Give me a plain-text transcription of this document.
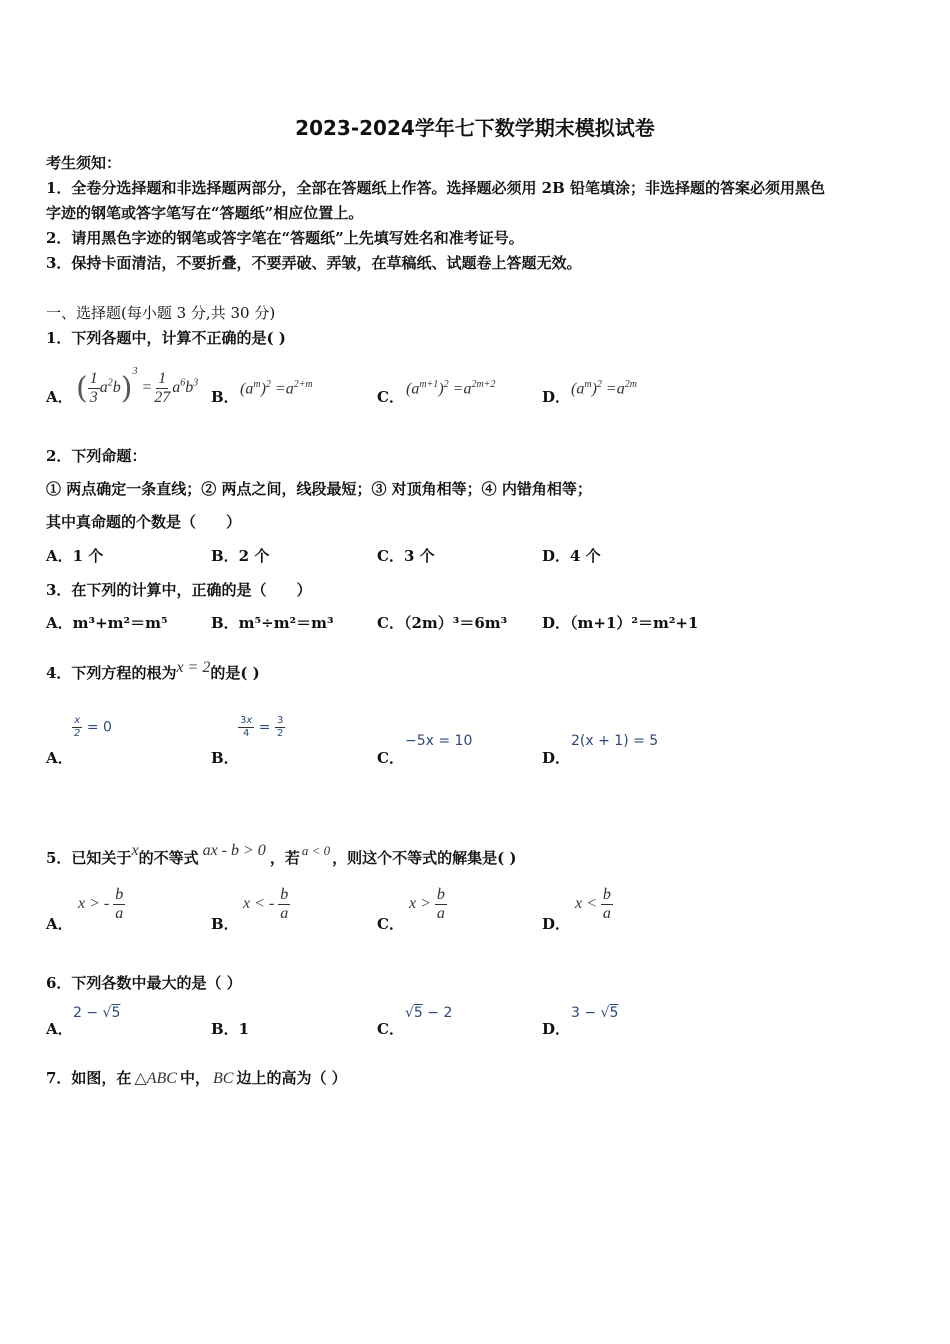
2023-2024学年七下数学期末模拟试卷
考生须知：
1．全卷分选择题和非选择题两部分，全部在答题纸上作答。选择题必须用 2B 铅笔填涂；非选择题的答案必须用黑色
字迹的钢笔或答字笔写在“答题纸”相应位置上。
2．请用黑色字迹的钢笔或答字笔在“答题纸”上先填写姓名和准考证号。
3．保持卡面清洁，不要折叠，不要弄破、弄皱，在草稿纸、试题卷上答题无效。
一、选择题(每小题 3 分,共 30 分)
1．下列各题中，计算不正确的是( )
A． ( $\frac{1}{3} a^2b)^3 = \frac{1}{27} a^6b^3$
B． $(a^m)^2 =a^{2+m}$
C． $(a^{m+1})^2 =a^{2m+2}$
D． $(a^m)^2 =a^{2m}$
2．下列命题：
① 两点确定一条直线；② 两点之间，线段最短；③ 对顶角相等；④ 内错角相等；
其中真命题的个数是（　　）
A．1 个	B．2 个	C．3 个	D．4 个
3．在下列的计算中，正确的是（　　）
A．m³+m²＝m⁵	B．m⁵÷m²＝m³	C．（2m）³＝6m³ D．（m+1）²＝m²+1
4．下列方程的根为x = 2的是( )
A．
$\frac{x}{2} = 0$
B．
$\frac{3x}{4} = \frac{3}{2}$
C．
−5x = 10
D．
2(x + 1) = 5
5．已知关于x的不等式 ax - b > 0 ，若 a < 0 ，则这个不等式的解集是( )
A．
x > - $\frac{b}{a}$
B．
x < - $\frac{b}{a}$
C．
$x > \frac{b}{a}$
D．
$x < \frac{b}{a}$
6．下列各数中最大的是（ ）
A．
2 − √5
B．1	C．
√5 − 2
D．
3 − √5
7．如图，在 △ABC 中， BC 边上的高为（ ）
